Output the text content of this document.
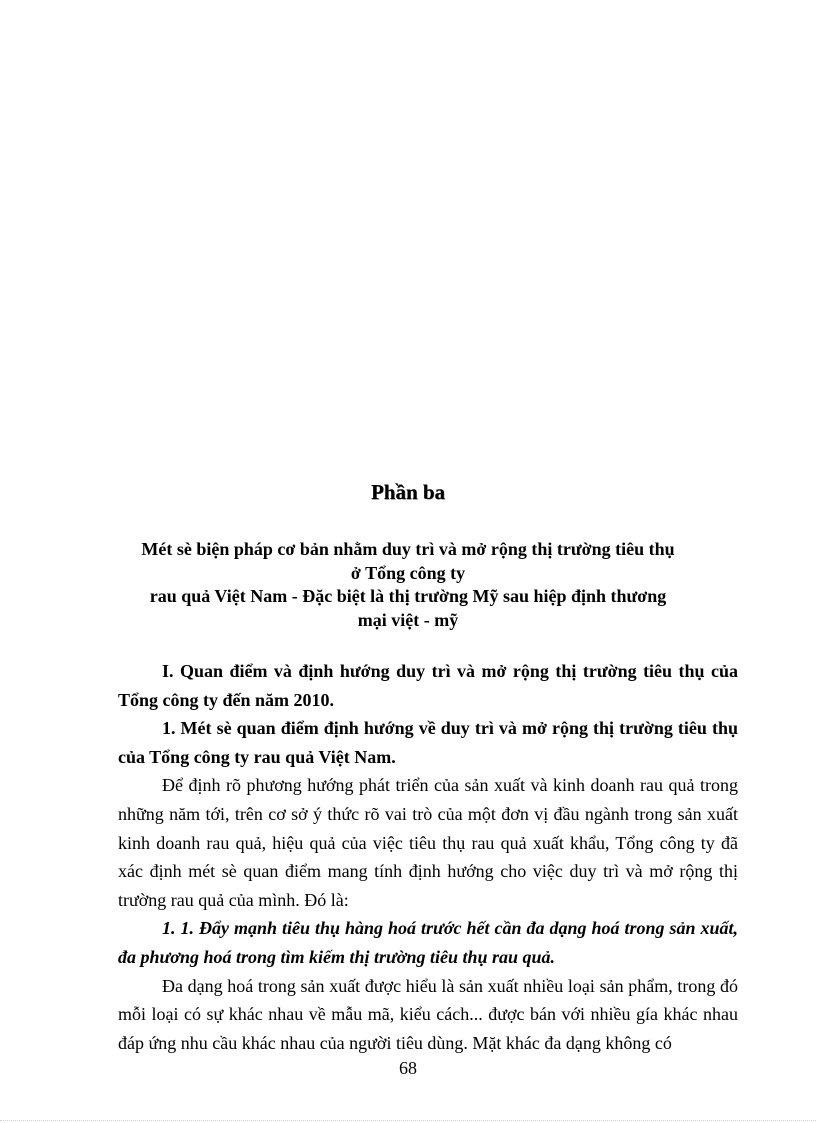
Phần ba
Mét sè biện pháp cơ bản nhằm duy trì và mở rộng thị trường tiêu thụ
ở Tổng công ty
rau quả Việt Nam - Đặc biệt là thị trường Mỹ sau hiệp định thương
mại việt - mỹ

I. Quan điểm và định hướng duy trì và mở rộng thị trường tiêu thụ của Tổng công ty đến năm 2010.

1. Mét sè quan điểm định hướng về duy trì và mở rộng thị trường tiêu thụ của Tổng công ty rau quả Việt Nam.

Để định rõ phương hướng phát triển của sản xuất và kinh doanh rau quả trong những năm tới, trên cơ sở ý thức rõ vai trò của một đơn vị đầu ngành trong sản xuất kinh doanh rau quả, hiệu quả của việc tiêu thụ rau quả xuất khẩu, Tổng công ty đã xác định mét sè quan điểm mang tính định hướng cho việc duy trì và mở rộng thị trường rau quả của mình. Đó là:

1. 1. Đẩy mạnh tiêu thụ hàng hoá trước hết cần đa dạng hoá trong sản xuất, đa phương hoá trong tìm kiếm thị trường tiêu thụ rau quả.

Đa dạng hoá trong sản xuất được hiểu là sản xuất nhiều loại sản phẩm, trong đó mỗi loại có sự khác nhau về mẫu mã, kiểu cách... được bán với nhiều gía khác nhau đáp ứng nhu cầu khác nhau của người tiêu dùng. Mặt khác đa dạng không có

68
